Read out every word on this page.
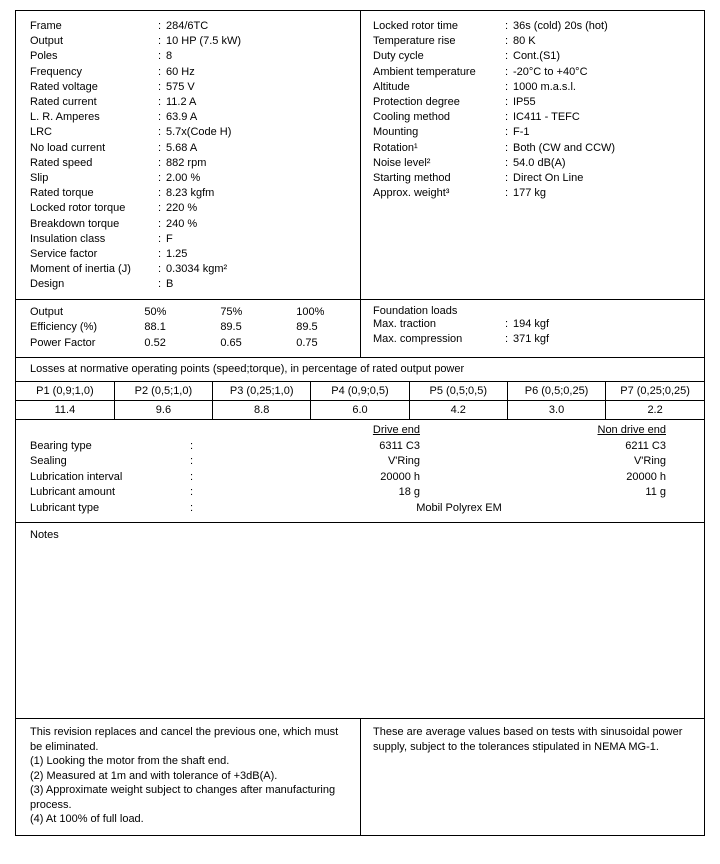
Frame	: 284/6TC
Output	: 10 HP (7.5 kW)
Poles	: 8
Frequency	: 60 Hz
Rated voltage	: 575 V
Rated current	: 11.2 A
L. R. Amperes	: 63.9 A
LRC	: 5.7x(Code H)
No load current	: 5.68 A
Rated speed	: 882 rpm
Slip	: 2.00 %
Rated torque	: 8.23 kgfm
Locked rotor torque	: 220 %
Breakdown torque	: 240 %
Insulation class	: F
Service factor	: 1.25
Moment of inertia (J)	: 0.3034 kgm²
Design	: B
Locked rotor time	: 36s (cold) 20s (hot)
Temperature rise	: 80 K
Duty cycle	: Cont.(S1)
Ambient temperature	: -20°C to +40°C
Altitude	: 1000 m.a.s.l.
Protection degree	: IP55
Cooling method	: IC411 - TEFC
Mounting	: F-1
Rotation¹	: Both (CW and CCW)
Noise level²	: 54.0 dB(A)
Starting method	: Direct On Line
Approx. weight³	: 177 kg
Output	50%	75%	100%
Efficiency (%)	88.1	89.5	89.5
Power Factor	0.52	0.65	0.75
Foundation loads
Max. traction	: 194 kgf
Max. compression	: 371 kgf
Losses at normative operating points (speed;torque), in percentage of rated output power
P1 (0,9;1,0)	P2 (0,5;1,0)	P3 (0,25;1,0)	P4 (0,9;0,5)	P5 (0,5;0,5)	P6 (0,5;0,25)	P7 (0,25;0,25)
11.4	9.6	8.8	6.0	4.2	3.0	2.2
		Drive end	Non drive end
Bearing type	:	6311 C3	6211 C3
Sealing	:	V'Ring	V'Ring
Lubrication interval	:	20000 h	20000 h
Lubricant amount	:	18 g	11 g
Lubricant type	:	Mobil Polyrex EM	
Notes
This revision replaces and cancel the previous one, which must be eliminated.
(1) Looking the motor from the shaft end.
(2) Measured at 1m and with tolerance of +3dB(A).
(3) Approximate weight subject to changes after manufacturing process.
(4) At 100% of full load.
These are average values based on tests with sinusoidal power supply, subject to the tolerances stipulated in NEMA MG-1.
